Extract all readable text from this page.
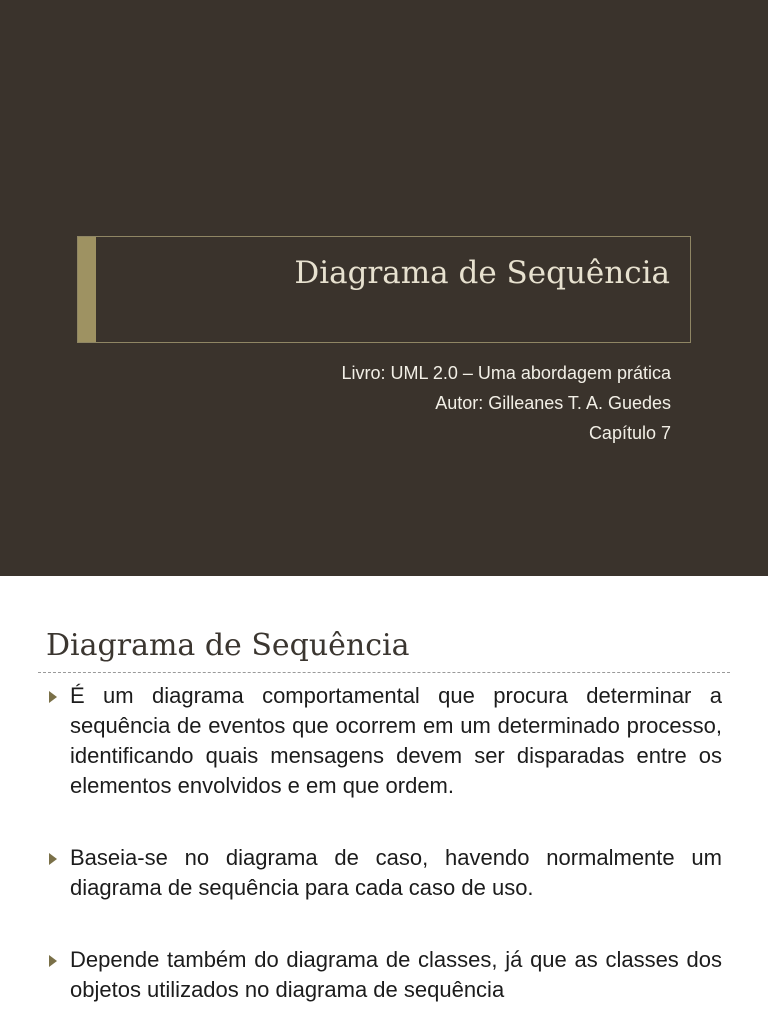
Diagrama de Sequência
Livro: UML 2.0 – Uma abordagem prática
Autor: Gilleanes T. A. Guedes
Capítulo 7
Diagrama de Sequência
É um diagrama comportamental que procura determinar a sequência de eventos que ocorrem em um determinado processo, identificando quais mensagens devem ser disparadas entre os elementos envolvidos e em que ordem.
Baseia-se no diagrama de caso, havendo normalmente um diagrama de sequência para cada caso de uso.
Depende também do diagrama de classes, já que as classes dos objetos utilizados no diagrama de sequência
